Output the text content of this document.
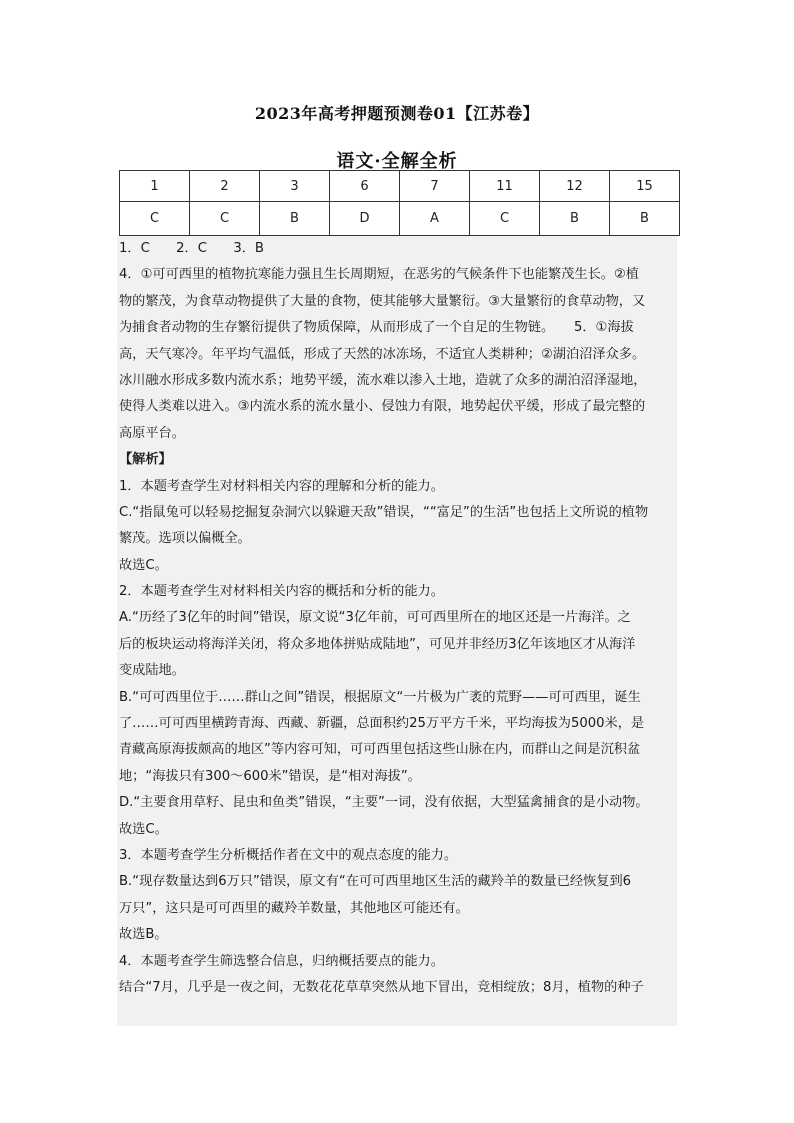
2023年高考押题预测卷01【江苏卷】
语文·全解全析
1	2	3	6	7	11	12	15
C	C	B	D	A	C	B	B
1．C　　2．C　　3．B
4．①可可西里的植物抗寒能力强且生长周期短，在恶劣的气候条件下也能繁茂生长。②植
物的繁茂，为食草动物提供了大量的食物，使其能够大量繁衍。③大量繁衍的食草动物，又
为捕食者动物的生存繁衍提供了物质保障，从而形成了一个自足的生物链。　　5．①海拔
高，天气寒冷。年平均气温低，形成了天然的冰冻场，不适宜人类耕种；②湖泊沼泽众多。
冰川融水形成多数内流水系；地势平缓，流水难以渗入土地，造就了众多的湖泊沼泽湿地，
使得人类难以进入。③内流水系的流水量小、侵蚀力有限，地势起伏平缓，形成了最完整的
高原平台。
【解析】
1．本题考查学生对材料相关内容的理解和分析的能力。
C.“指鼠兔可以轻易挖掘复杂洞穴以躲避天敌”错误，““富足”的生活”也包括上文所说的植物
繁茂。选项以偏概全。
故选C。
2．本题考查学生对材料相关内容的概括和分析的能力。
A.“历经了3亿年的时间”错误，原文说“3亿年前，可可西里所在的地区还是一片海洋。之
后的板块运动将海洋关闭，将众多地体拼贴成陆地”，可见并非经历3亿年该地区才从海洋
变成陆地。
B.“可可西里位于……群山之间”错误，根据原文“一片极为广袤的荒野——可可西里，诞生
了……可可西里横跨青海、西藏、新疆，总面积约25万平方千米，平均海拔为5000米，是
青藏高原海拔颇高的地区”等内容可知，可可西里包括这些山脉在内，而群山之间是沉积盆
地；“海拔只有300～600米”错误，是“相对海拔”。
D.“主要食用草籽、昆虫和鱼类”错误，“主要”一词，没有依据，大型猛禽捕食的是小动物。
故选C。
3．本题考查学生分析概括作者在文中的观点态度的能力。
B.“现存数量达到6万只”错误，原文有“在可可西里地区生活的藏羚羊的数量已经恢复到6
万只”，这只是可可西里的藏羚羊数量，其他地区可能还有。
故选B。
4．本题考查学生筛选整合信息，归纳概括要点的能力。
结合“7月，几乎是一夜之间，无数花花草草突然从地下冒出，竞相绽放；8月，植物的种子
